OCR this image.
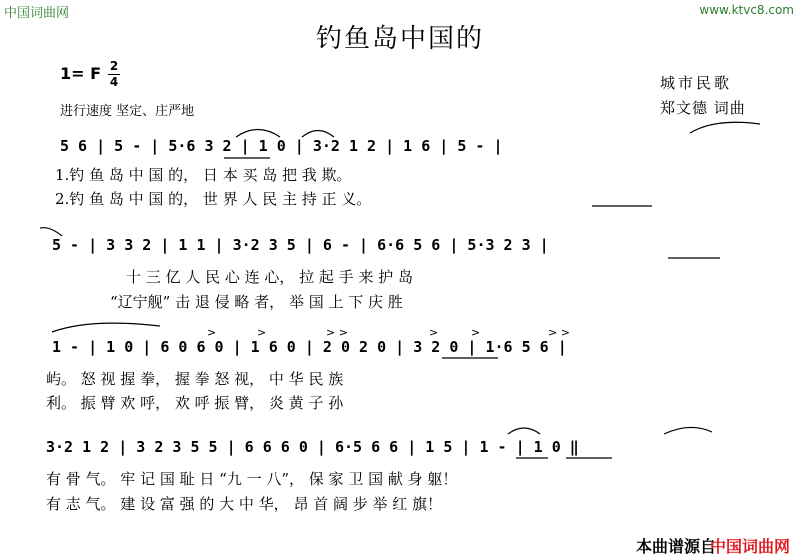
中国词曲网	www.ktvc8.com
钓鱼岛中国的
1= F 2
4
进行速度 坚定、庄严地
城市民歌
郑文德 词曲
5 6 | 5 - | 5·6 3 2 | 1 0 | 3·2 1 2 | 1 6 | 5 - |
1.钓 鱼 岛 中 国 的， 日 本 买 岛 把 我 欺。
2.钓 鱼 岛 中 国 的， 世 界 人 民 主 持 正 义。
5 - | 3 3 2 | 1 1 | 3·2 3 5 | 6 - | 6·6 5 6 | 5·3 2 3 |
十 三 亿 人 民 心 连 心， 拉 起 手 来 护 岛
“辽宁舰” 击 退 侵 略 者， 举 国 上 下 庆 胜
1 - | 1 0 | 6 0 6 0 | 1 6 0 | 2 0 2 0 | 3 2 0 | 1·6 5 6 |
屿。 怒 视 握 拳， 握 拳 怒 视， 中 华 民 族
利。 振 臂 欢 呼， 欢 呼 振 臂， 炎 黄 子 孙
3·2 1 2 | 3 2 3 5 5 | 6 6 6 0 | 6·5 6 6 | 1 5 | 1 - | 1 0 ‖
有 骨 气。 牢 记 国 耻 日 “九 一 八”， 保 家 卫 国 献 身 躯！
有 志 气。 建 设 富 强 的 大 中 华， 昂 首 阔 步 举 红 旗！
>	>	> >	>	>	> >
本曲谱源自
中国词曲网
